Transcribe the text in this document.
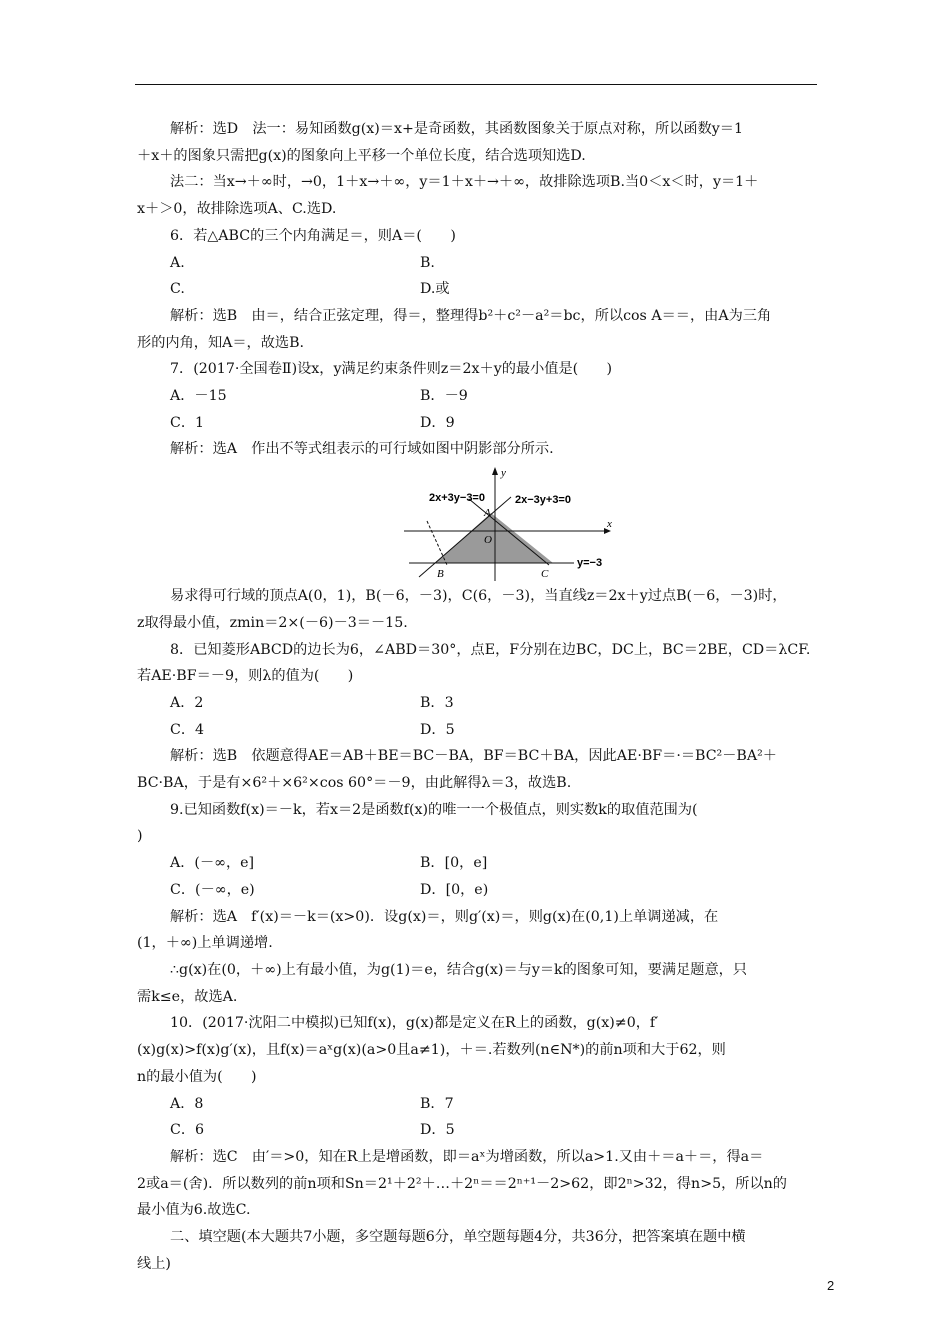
解析：选D　法一：易知函数g(x)＝x+是奇函数，其函数图象关于原点对称，所以函数y＝1

＋x＋的图象只需把g(x)的图象向上平移一个单位长度，结合选项知选D.

法二：当x→＋∞时，→0，1＋x→＋∞，y＝1＋x＋→＋∞，故排除选项B.当0＜x＜时，y＝1＋

x＋＞0，故排除选项A、C.选D.

6．若△ABC的三个内角满足＝，则A＝(　　)

A.	B.
C.	D.或

解析：选B　由＝，结合正弦定理，得＝，整理得b²＋c²－a²＝bc，所以cos A＝＝，由A为三角

形的内角，知A＝，故选B.

7．(2017·全国卷Ⅱ)设x，y满足约束条件则z＝2x＋y的最小值是(　　)

A．－15	B．－9
C．1	D．9

解析：选A　作出不等式组表示的可行域如图中阴影部分所示.

y
x
2x+3y−3=0	2x−3y+3=0
y=−3
A
O
B	C

易求得可行域的顶点A(0，1)，B(－6，－3)，C(6，－3)，当直线z＝2x＋y过点B(－6，－3)时，

z取得最小值，zmin＝2×(－6)－3＝－15.

8．已知菱形ABCD的边长为6，∠ABD＝30°，点E，F分别在边BC，DC上，BC＝2BE，CD＝λCF.

若AE·BF＝－9，则λ的值为(　　)

A．2	B．3
C．4	D．5

解析：选B　依题意得AE＝AB＋BE＝BC－BA，BF＝BC＋BA，因此AE·BF＝·＝BC²－BA²＋

BC·BA，于是有×6²＋×6²×cos 60°＝－9，由此解得λ＝3，故选B.

9.已知函数f(x)＝－k，若x＝2是函数f(x)的唯一一个极值点，则实数k的取值范围为(

)

A．(－∞，e]	B．[0，e]
C．(－∞，e)	D．[0，e)

解析：选A　f′(x)＝－k＝(x>0)．设g(x)＝，则g′(x)＝，则g(x)在(0,1)上单调递减，在

(1，＋∞)上单调递增.

∴g(x)在(0，＋∞)上有最小值，为g(1)＝e，结合g(x)＝与y＝k的图象可知，要满足题意，只

需k≤e，故选A.

10．(2017·沈阳二中模拟)已知f(x)，g(x)都是定义在R上的函数，g(x)≠0，f′

(x)g(x)>f(x)g′(x)，且f(x)＝aˣg(x)(a>0且a≠1)，＋＝.若数列(n∈N*)的前n项和大于62，则

n的最小值为(　　)

A．8	B．7
C．6	D．5

解析：选C　由′＝>0，知在R上是增函数，即＝aˣ为增函数，所以a>1.又由＋＝a＋＝，得a＝

2或a＝(舍)．所以数列的前n项和Sn＝2¹＋2²＋…＋2ⁿ＝＝2ⁿ⁺¹－2>62，即2ⁿ>32，得n>5，所以n的

最小值为6.故选C.

二、填空题(本大题共7小题，多空题每题6分，单空题每题4分，共36分，把答案填在题中横

线上)

2
